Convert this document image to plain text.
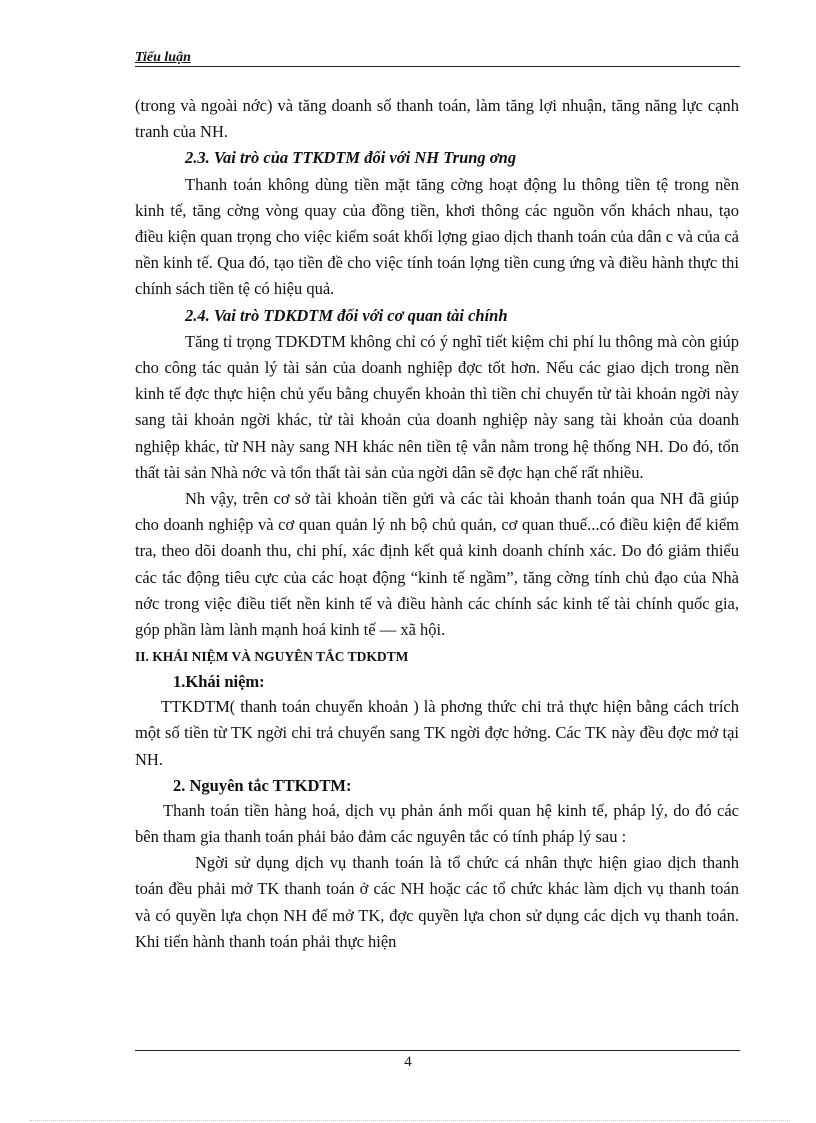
Tiểu luận

(trong và ngoài nớc) và tăng doanh số thanh toán, làm tăng lợi nhuận, tăng năng lực cạnh tranh của NH.

2.3. Vai trò của TTKDTM đối với NH Trung ơng

Thanh toán không dùng tiền mặt tăng cờng hoạt động lu thông tiền tệ trong nền kinh tế, tăng cờng vòng quay của đồng tiền, khơi thông các nguồn vốn khách nhau, tạo điều kiện quan trọng cho việc kiểm soát khối lợng giao dịch thanh toán của dân c và của cả nền kinh tế. Qua đó, tạo tiền đề cho việc tính toán lợng tiền cung ứng và điều hành thực thi chính sách tiền tệ có hiệu quả.

2.4. Vai trò TDKDTM đối với cơ quan tài chính

Tăng tỉ trọng TDKDTM không chỉ có ý nghĩ tiết kiệm chi phí lu thông mà còn giúp cho công tác quản lý tài sản của doanh nghiệp đợc tốt hơn. Nếu các giao dịch trong nền kinh tế đợc thực hiện chủ yếu bằng chuyển khoản thì tiền chỉ chuyển từ tài khoản ngời này sang tài khoản ngời khác, từ tài khoản của doanh nghiệp này sang tài khoản của doanh nghiệp khác, từ NH này sang NH khác nên tiền tệ vẫn nằm trong hệ thống NH. Do đó, tổn thất tài sản Nhà nớc và tổn thất tài sản của ngời dân sẽ đợc hạn chế rất nhiều.

Nh vậy, trên cơ sở tài khoản tiền gửi và các tài khoản thanh toán qua NH đã giúp cho doanh nghiệp và cơ quan quản lý nh bộ chủ quản, cơ quan thuế...có điều kiện để kiểm tra, theo dõi doanh thu, chi phí, xác định kết quả kinh doanh chính xác. Do đó giảm thiểu các tác động tiêu cực của các hoạt động “kinh tế ngầm”, tăng cờng tính chủ đạo của Nhà nớc trong việc điều tiết nền kinh tế và điều hành các chính sác kinh tế tài chính quốc gia, góp phần làm lành mạnh hoá kinh tế — xã hội.

II. KHÁI NIỆM VÀ NGUYÊN TẮC TDKDTM
1.Khái niệm:

TTKDTM( thanh toán chuyển khoản ) là phơng thức chi trả thực hiện bằng cách trích một số tiền từ TK ngời chi trả chuyển sang TK ngời đợc hởng. Các TK này đều đợc mở tại NH.

2. Nguyên tắc TTKDTM:

Thanh toán tiền hàng hoá, dịch vụ phản ánh mối quan hệ kinh tế, pháp lý, do đó các bên tham gia thanh toán phải bảo đảm các nguyên tắc có tính pháp lý sau :

Ngời sử dụng dịch vụ thanh toán là tổ chức cá nhân thực hiện giao dịch thanh toán đều phải mở TK thanh toán ở các NH hoặc các tổ chức khác làm dịch vụ thanh toán và có quyền lựa chọn NH để mở TK, đợc quyền lựa chon sử dụng các dịch vụ thanh toán. Khi tiến hành thanh toán phải thực hiện

4
